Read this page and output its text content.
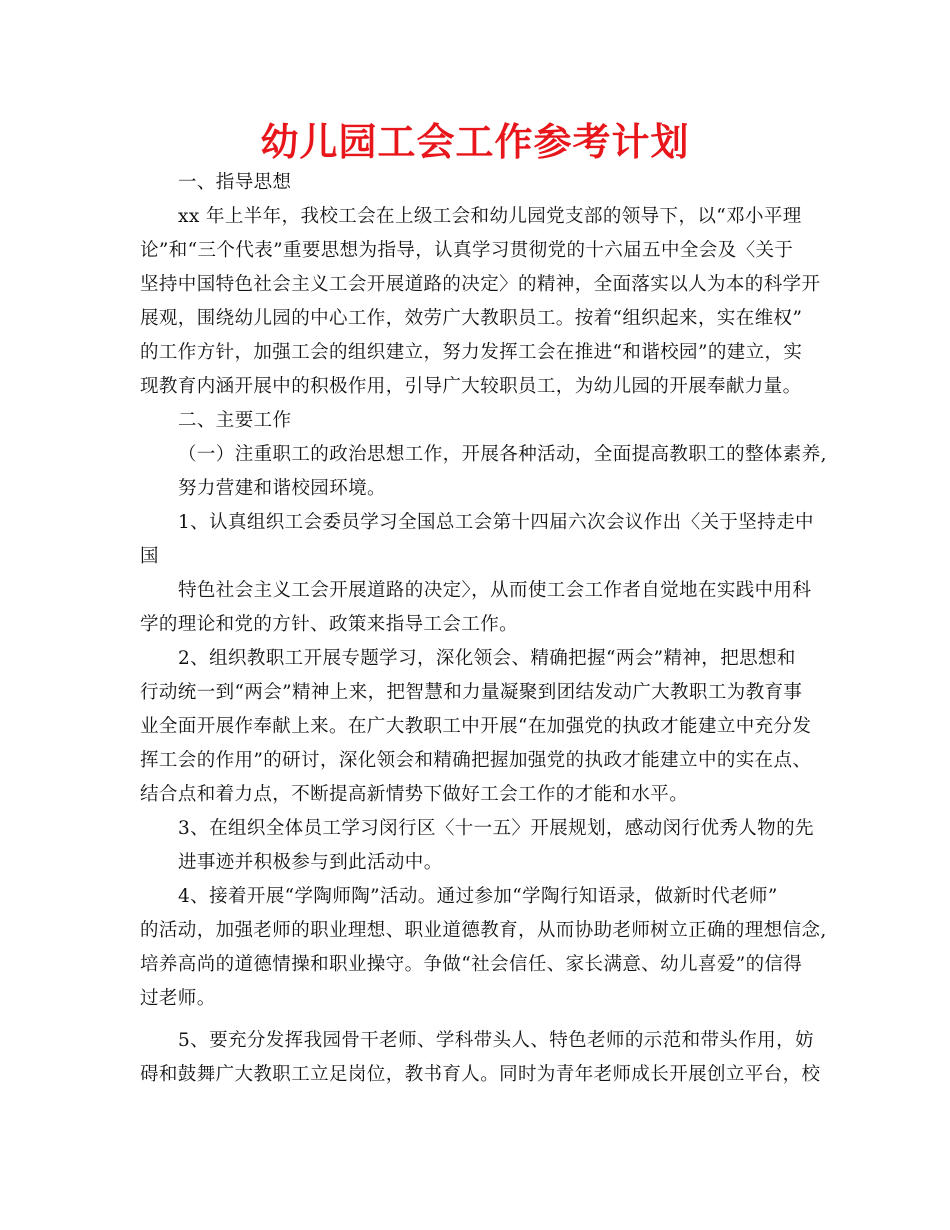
幼儿园工会工作参考计划
一、指导思想
xx 年上半年，我校工会在上级工会和幼儿园党支部的领导下，以“邓小平理
论”和“三个代表”重要思想为指导，认真学习贯彻党的十六届五中全会及〈关于
坚持中国特色社会主义工会开展道路的决定〉的精神，全面落实以人为本的科学开
展观，围绕幼儿园的中心工作，效劳广大教职员工。按着“组织起来，实在维权”
的工作方针，加强工会的组织建立，努力发挥工会在推进“和谐校园”的建立，实
现教育内涵开展中的积极作用，引导广大较职员工，为幼儿园的开展奉献力量。
二、主要工作
（一）注重职工的政治思想工作，开展各种活动，全面提高教职工的整体素养,
努力营建和谐校园环境。
1、认真组织工会委员学习全国总工会第十四届六次会议作出〈关于坚持走中
国
特色社会主义工会开展道路的决定〉，从而使工会工作者自觉地在实践中用科
学的理论和党的方针、政策来指导工会工作。
2、组织教职工开展专题学习，深化领会、精确把握“两会”精神，把思想和
行动统一到“两会”精神上来，把智慧和力量凝聚到团结发动广大教职工为教育事
业全面开展作奉献上来。在广大教职工中开展“在加强党的执政才能建立中充分发
挥工会的作用”的研讨，深化领会和精确把握加强党的执政才能建立中的实在点、
结合点和着力点，不断提高新情势下做好工会工作的才能和水平。
3、在组织全体员工学习闵行区〈十一五〉开展规划，感动闵行优秀人物的先
进事迹并积极参与到此活动中。
4、接着开展“学陶师陶”活动。通过参加“学陶行知语录，做新时代老师”
的活动，加强老师的职业理想、职业道德教育，从而协助老师树立正确的理想信念,
培养高尚的道德情操和职业操守。争做“社会信任、家长满意、幼儿喜爱”的信得
过老师。
5、要充分发挥我园骨干老师、学科带头人、特色老师的示范和带头作用，妨
碍和鼓舞广大教职工立足岗位，教书育人。同时为青年老师成长开展创立平台，校
